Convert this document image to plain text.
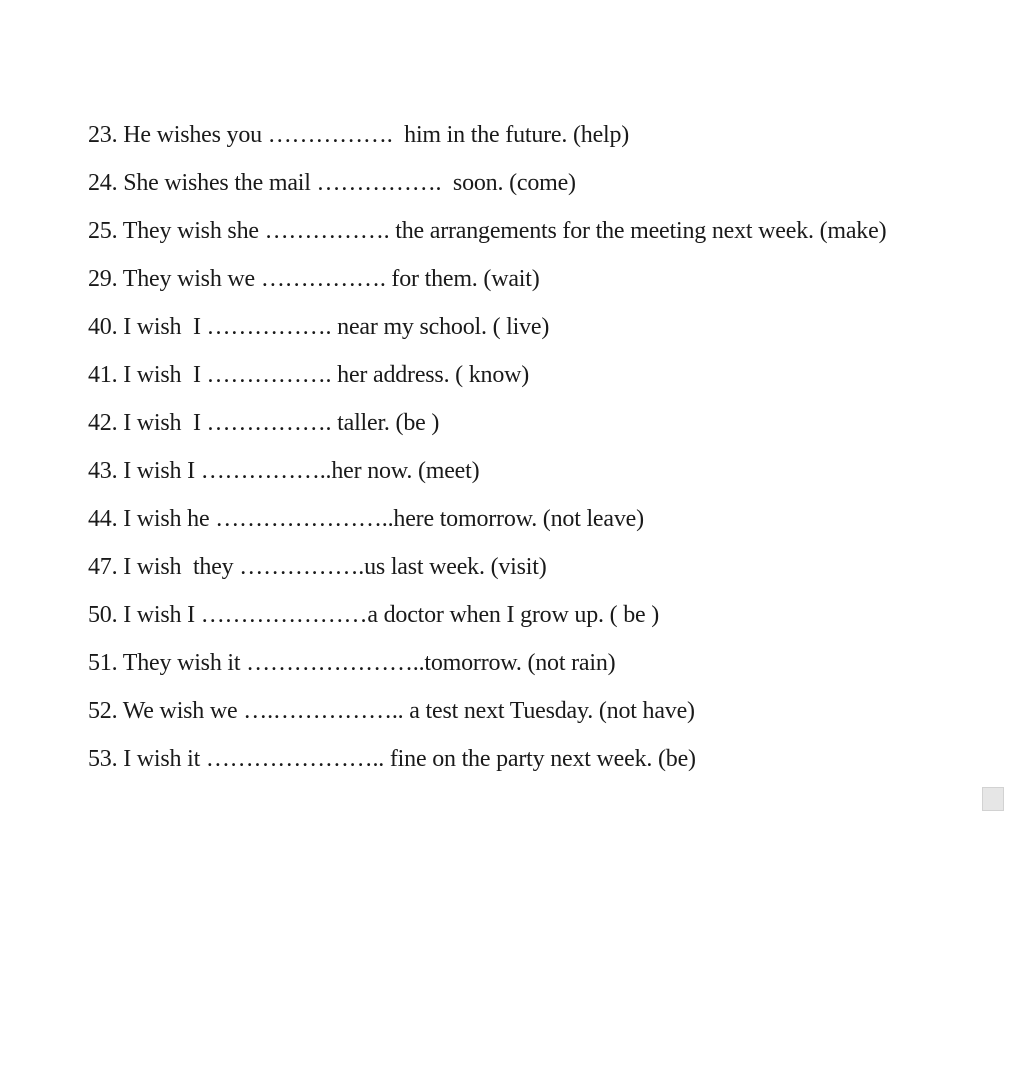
23. He wishes you …………….  him in the future. (help)
24. She wishes the mail …………….  soon. (come)
25. They wish she ……………. the arrangements for the meeting next week. (make)
29. They wish we ……………. for them. (wait)
40. I wish  I ……………. near my school. ( live)
41. I wish  I ……………. her address. ( know)
42. I wish  I ……………. taller. (be )
43. I wish I ……………..her now. (meet)
44. I wish he …………………..here tomorrow. (not leave)
47. I wish  they …………….us last week. (visit)
50. I wish I …………………a doctor when I grow up. ( be )
51. They wish it …………………..tomorrow. (not rain)
52. We wish we ….…………….. a test next Tuesday. (not have)
53. I wish it ………………….. fine on the party next week. (be)
